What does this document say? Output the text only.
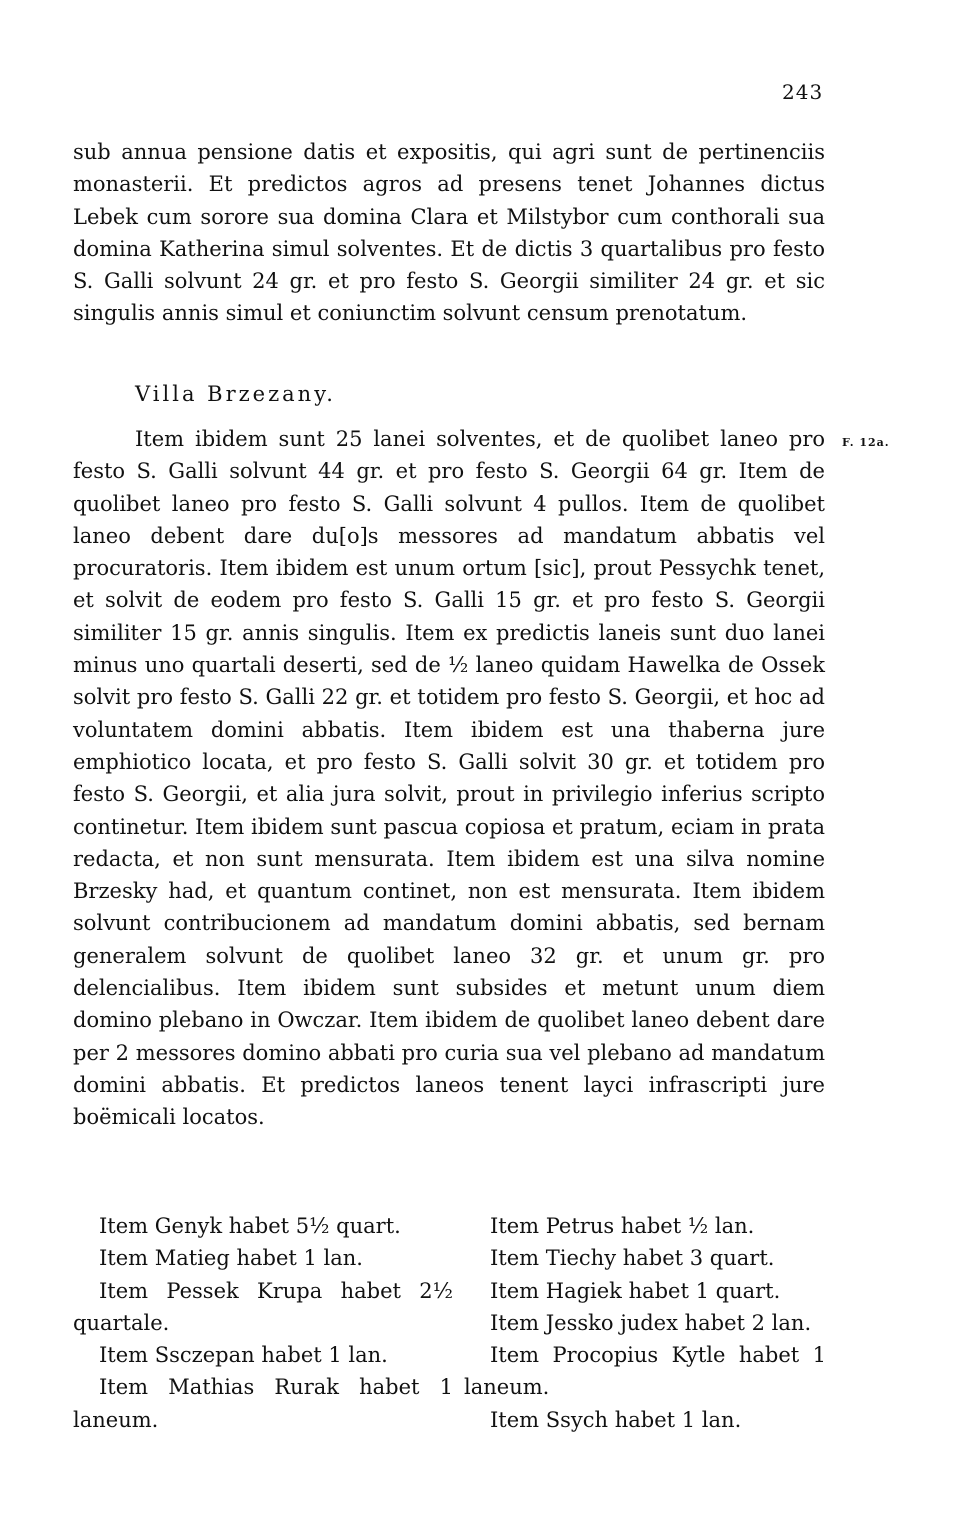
243
sub annua pensione datis et expositis, qui agri sunt de pertinenciis monasterii. Et predictos agros ad presens tenet Johannes dictus Lebek cum sorore sua domina Clara et Milstybor cum conthorali sua domina Katherina simul solventes. Et de dictis 3 quartalibus pro festo S. Galli solvunt 24 gr. et pro festo S. Georgii similiter 24 gr. et sic singulis annis simul et coniunctim solvunt censum prenotatum.
Villa Brzezany.
Item ibidem sunt 25 lanei solventes, et de quolibet laneo pro festo S. Galli solvunt 44 gr. et pro festo S. Georgii 64 gr. Item de quolibet laneo pro festo S. Galli solvunt 4 pullos. Item de quolibet laneo debent dare du[o]s messores ad mandatum abbatis vel procuratoris. Item ibidem est unum ortum [sic], prout Pessychk tenet, et solvit de eodem pro festo S. Galli 15 gr. et pro festo S. Georgii similiter 15 gr. annis singulis. Item ex predictis laneis sunt duo lanei minus uno quartali deserti, sed de ½ laneo quidam Hawelka de Ossek solvit pro festo S. Galli 22 gr. et totidem pro festo S. Georgii, et hoc ad voluntatem domini abbatis. Item ibidem est una thaberna jure emphiotico locata, et pro festo S. Galli solvit 30 gr. et totidem pro festo S. Georgii, et alia jura solvit, prout in privilegio inferius scripto continetur. Item ibidem sunt pascua copiosa et pratum, eciam in prata redacta, et non sunt mensurata. Item ibidem est una silva nomine Brzesky had, et quantum continet, non est mensurata. Item ibidem solvunt contribucionem ad mandatum domini abbatis, sed bernam generalem solvunt de quolibet laneo 32 gr. et unum gr. pro delencialibus. Item ibidem sunt subsides et metunt unum diem domino plebano in Owczar. Item ibidem de quolibet laneo debent dare per 2 messores domino abbati pro curia sua vel plebano ad mandatum domini abbatis. Et predictos laneos tenent layci infrascripti jure boëmicali locatos.
F. 12a.
Item Genyk habet 5½ quart.
Item Matieg habet 1 lan.
Item Pessek Krupa habet 2½ quartale.
Item Ssczepan habet 1 lan.
Item Mathias Rurak habet 1 laneum.
Item Petrus habet ½ lan.
Item Tiechy habet 3 quart.
Item Hagiek habet 1 quart.
Item Jessko judex habet 2 lan.
Item Procopius Kytle habet 1 laneum.
Item Ssych habet 1 lan.
